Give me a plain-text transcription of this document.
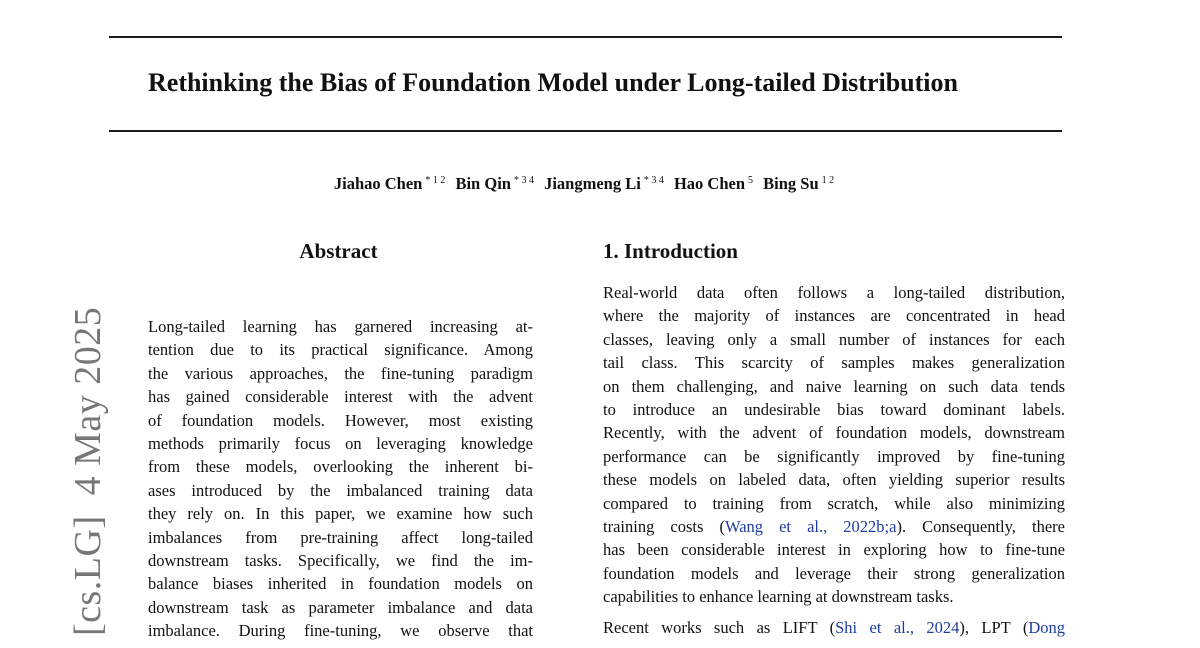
Rethinking the Bias of Foundation Model under Long-tailed Distribution
Jiahao Chen $^{* 1 2}$ Bin Qin $^{* 3 4}$ Jiangmeng Li $^{* 3 4}$ Hao Chen $^5$ Bing Su $^{1 2}$
[cs.LG]  4 May 2025
Abstract
Long-tailed learning has garnered increasing at-
tention due to its practical significance. Among
the various approaches, the fine-tuning paradigm
has gained considerable interest with the advent
of foundation models. However, most existing
methods primarily focus on leveraging knowledge
from these models, overlooking the inherent bi-
ases introduced by the imbalanced training data
they rely on. In this paper, we examine how such
imbalances from pre-training affect long-tailed
downstream tasks. Specifically, we find the im-
balance biases inherited in foundation models on
downstream task as parameter imbalance and data
imbalance. During fine-tuning, we observe that
1. Introduction
Real-world data often follows a long-tailed distribution,
where the majority of instances are concentrated in head
classes, leaving only a small number of instances for each
tail class. This scarcity of samples makes generalization
on them challenging, and naive learning on such data tends
to introduce an undesirable bias toward dominant labels.
Recently, with the advent of foundation models, downstream
performance can be significantly improved by fine-tuning
these models on labeled data, often yielding superior results
compared to training from scratch, while also minimizing
training costs (Wang et al., 2022b;a). Consequently, there
has been considerable interest in exploring how to fine-tune
foundation models and leverage their strong generalization
capabilities to enhance learning at downstream tasks.
Recent works such as LIFT (Shi et al., 2024), LPT (Dong
